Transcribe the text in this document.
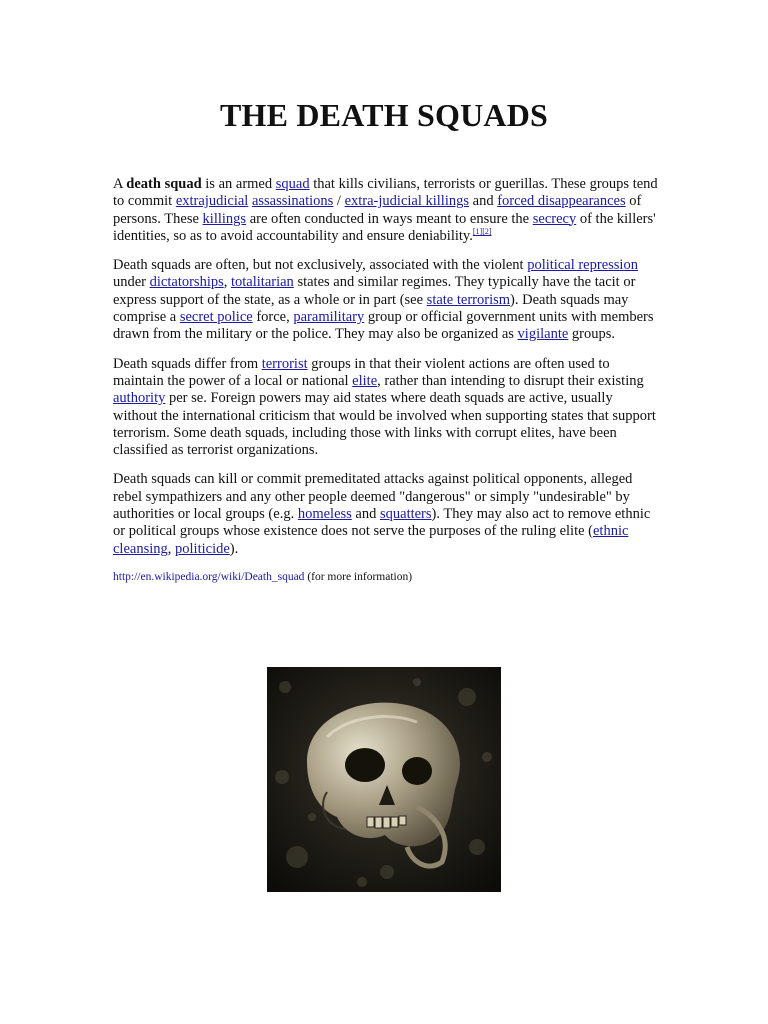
THE DEATH SQUADS

A death squad is an armed squad that kills civilians, terrorists or guerillas. These groups tend to commit extrajudicial assassinations / extra-judicial killings and forced disappearances of persons. These killings are often conducted in ways meant to ensure the secrecy of the killers' identities, so as to avoid accountability and ensure deniability.[1][2]

Death squads are often, but not exclusively, associated with the violent political repression under dictatorships, totalitarian states and similar regimes. They typically have the tacit or express support of the state, as a whole or in part (see state terrorism). Death squads may comprise a secret police force, paramilitary group or official government units with members drawn from the military or the police. They may also be organized as vigilante groups.

Death squads differ from terrorist groups in that their violent actions are often used to maintain the power of a local or national elite, rather than intending to disrupt their existing authority per se. Foreign powers may aid states where death squads are active, usually without the international criticism that would be involved when supporting states that support terrorism. Some death squads, including those with links with corrupt elites, have been classified as terrorist organizations.

Death squads can kill or commit premeditated attacks against political opponents, alleged rebel sympathizers and any other people deemed "dangerous" or simply "undesirable" by authorities or local groups (e.g. homeless and squatters). They may also act to remove ethnic or political groups whose existence does not serve the purposes of the ruling elite (ethnic cleansing, politicide).

http://en.wikipedia.org/wiki/Death_squad (for more information)
